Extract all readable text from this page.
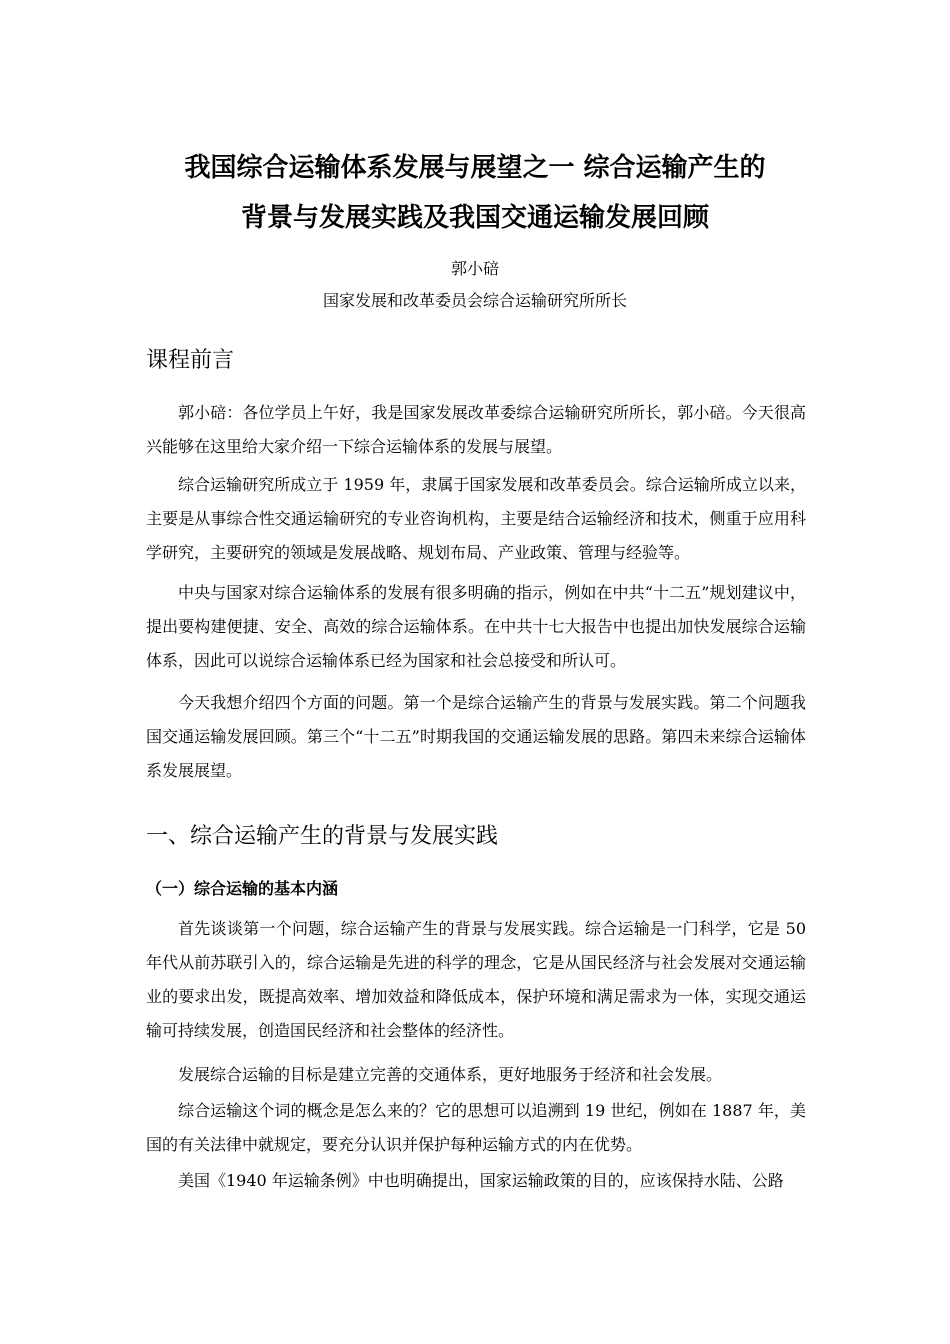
我国综合运输体系发展与展望之一 综合运输产生的
背景与发展实践及我国交通运输发展回顾
郭小碚
国家发展和改革委员会综合运输研究所所长
课程前言
郭小碚：各位学员上午好，我是国家发展改革委综合运输研究所所长，郭小碚。今天很高兴能够在这里给大家介绍一下综合运输体系的发展与展望。
综合运输研究所成立于 1959 年，隶属于国家发展和改革委员会。综合运输所成立以来，主要是从事综合性交通运输研究的专业咨询机构，主要是结合运输经济和技术，侧重于应用科学研究，主要研究的领域是发展战略、规划布局、产业政策、管理与经验等。
中央与国家对综合运输体系的发展有很多明确的指示，例如在中共“十二五”规划建议中，提出要构建便捷、安全、高效的综合运输体系。在中共十七大报告中也提出加快发展综合运输体系，因此可以说综合运输体系已经为国家和社会总接受和所认可。
今天我想介绍四个方面的问题。第一个是综合运输产生的背景与发展实践。第二个问题我国交通运输发展回顾。第三个“十二五”时期我国的交通运输发展的思路。第四未来综合运输体系发展展望。
一、综合运输产生的背景与发展实践
（一）综合运输的基本内涵
首先谈谈第一个问题，综合运输产生的背景与发展实践。综合运输是一门科学，它是 50 年代从前苏联引入的，综合运输是先进的科学的理念，它是从国民经济与社会发展对交通运输业的要求出发，既提高效率、增加效益和降低成本，保护环境和满足需求为一体，实现交通运输可持续发展，创造国民经济和社会整体的经济性。
发展综合运输的目标是建立完善的交通体系，更好地服务于经济和社会发展。
综合运输这个词的概念是怎么来的？它的思想可以追溯到 19 世纪，例如在 1887 年，美国的有关法律中就规定，要充分认识并保护每种运输方式的内在优势。
美国《1940 年运输条例》中也明确提出，国家运输政策的目的，应该保持水陆、公路
